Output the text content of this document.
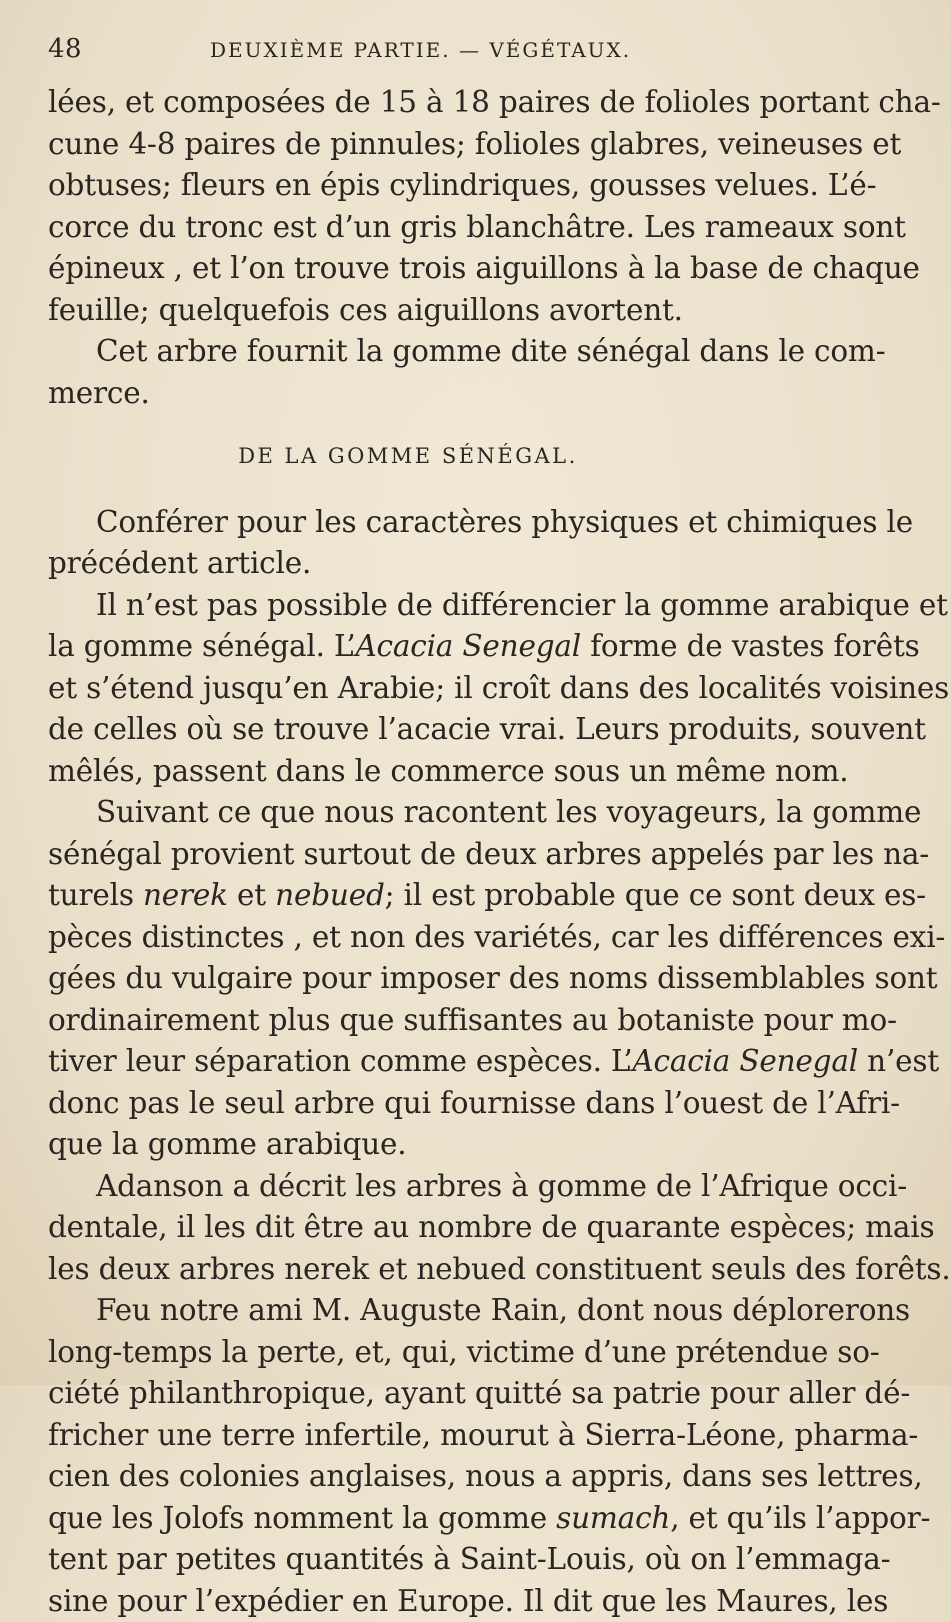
48	DEUXIÈME PARTIE. — VÉGÉTAUX.
lées, et composées de 15 à 18 paires de folioles portant cha-
cune 4-8 paires de pinnules; folioles glabres, veineuses et
obtuses; fleurs en épis cylindriques, gousses velues. L’é-
corce du tronc est d’un gris blanchâtre. Les rameaux sont
épineux , et l’on trouve trois aiguillons à la base de chaque
feuille; quelquefois ces aiguillons avortent.
Cet arbre fournit la gomme dite sénégal dans le com-
merce.
DE LA GOMME SÉNÉGAL.
Conférer pour les caractères physiques et chimiques le
précédent article.
Il n’est pas possible de différencier la gomme arabique et
la gomme sénégal. L’Acacia Senegal forme de vastes forêts
et s’étend jusqu’en Arabie; il croît dans des localités voisines
de celles où se trouve l’acacie vrai. Leurs produits, souvent
mêlés, passent dans le commerce sous un même nom.
Suivant ce que nous racontent les voyageurs, la gomme
sénégal provient surtout de deux arbres appelés par les na-
turels nerek et nebued; il est probable que ce sont deux es-
pèces distinctes , et non des variétés, car les différences exi-
gées du vulgaire pour imposer des noms dissemblables sont
ordinairement plus que suffisantes au botaniste pour mo-
tiver leur séparation comme espèces. L’Acacia Senegal n’est
donc pas le seul arbre qui fournisse dans l’ouest de l’Afri-
que la gomme arabique.
Adanson a décrit les arbres à gomme de l’Afrique occi-
dentale, il les dit être au nombre de quarante espèces; mais
les deux arbres nerek et nebued constituent seuls des forêts.
Feu notre ami M. Auguste Rain, dont nous déplorerons
long-temps la perte, et, qui, victime d’une prétendue so-
ciété philanthropique, ayant quitté sa patrie pour aller dé-
fricher une terre infertile, mourut à Sierra-Léone, pharma-
cien des colonies anglaises, nous a appris, dans ses lettres,
que les Jolofs nomment la gomme sumach, et qu’ils l’appor-
tent par petites quantités à Saint-Louis, où on l’emmaga-
sine pour l’expédier en Europe. Il dit que les Maures, les
